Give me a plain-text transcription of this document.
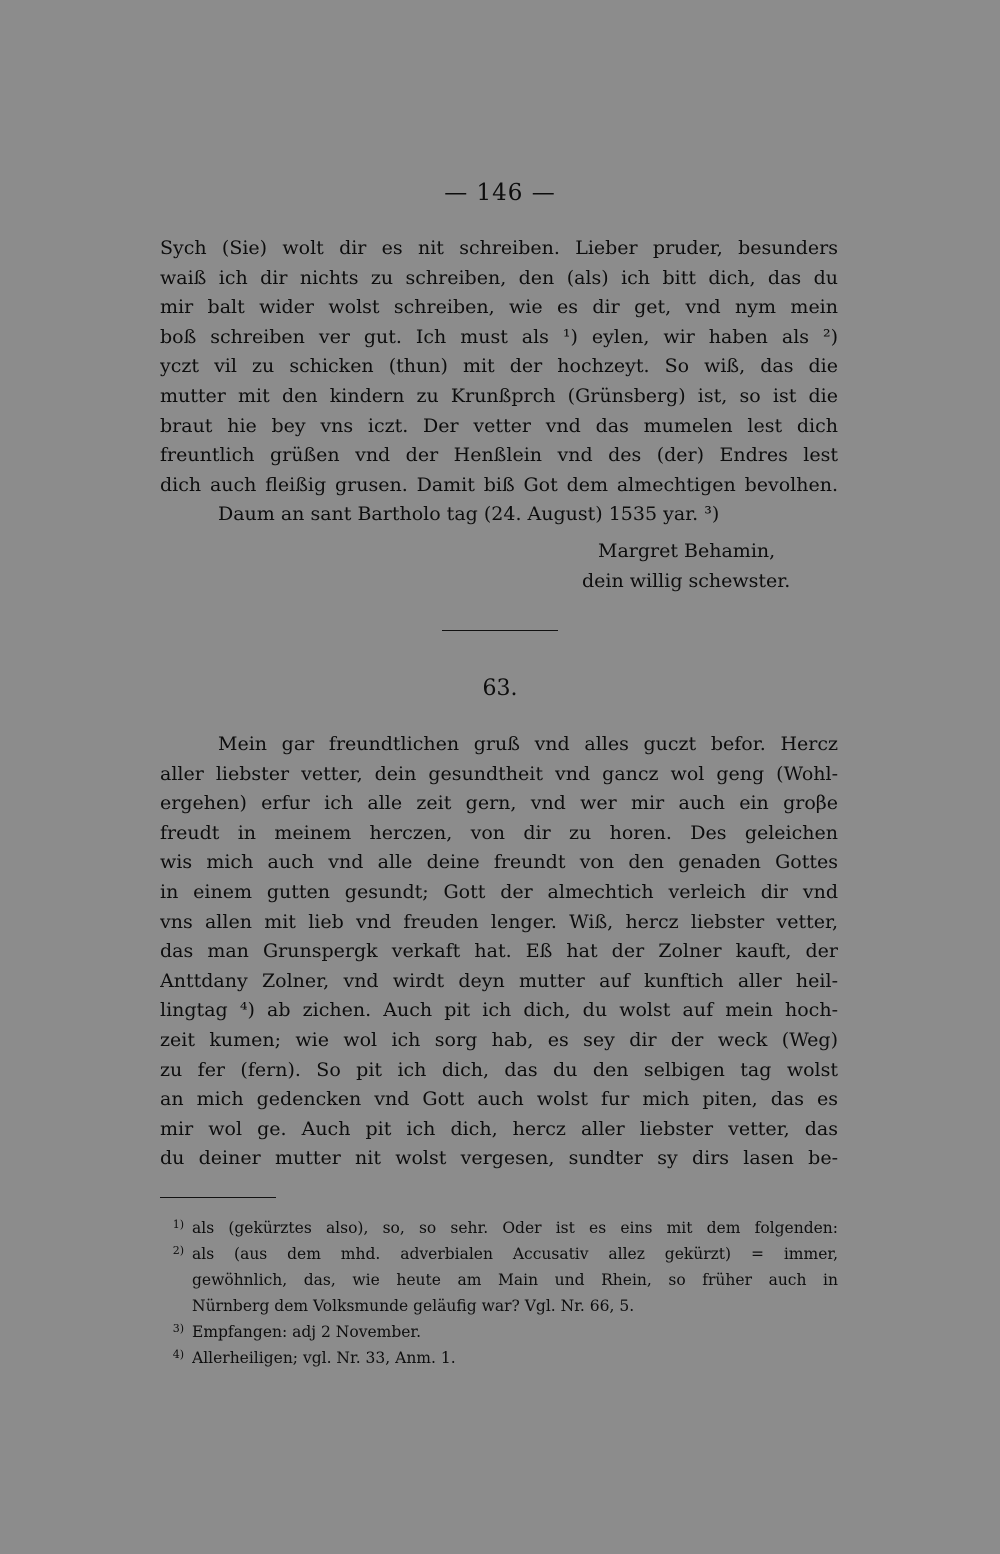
— 146 —
Sych (Sie) wolt dir es nit schreiben. Lieber pruder, besunders
waiß ich dir nichts zu schreiben, den (als) ich bitt dich, das du
mir balt wider wolst schreiben, wie es dir get, vnd nym mein
boß schreiben ver gut. Ich must als ¹) eylen, wir haben als ²)
yczt vil zu schicken (thun) mit der hochzeyt. So wiß, das die
mutter mit den kindern zu Krunßprch (Grünsberg) ist, so ist die
braut hie bey vns iczt. Der vetter vnd das mumelen lest dich
freuntlich grüßen vnd der Henßlein vnd des (der) Endres lest
dich auch fleißig grusen. Damit biß Got dem almechtigen bevolhen.
Daum an sant Bartholo tag (24. August) 1535 yar. ³)
Margret Behamin,
dein willig schewster.
63.
Mein gar freundtlichen gruß vnd alles guczt befor. Hercz
aller liebster vetter, dein gesundtheit vnd gancz wol geng (Wohl-
ergehen) erfur ich alle zeit gern, vnd wer mir auch ein groβe
freudt in meinem herczen, von dir zu horen. Des geleichen
wis mich auch vnd alle deine freundt von den genaden Gottes
in einem gutten gesundt; Gott der almechtich verleich dir vnd
vns allen mit lieb vnd freuden lenger. Wiß, hercz liebster vetter,
das man Grunspergk verkaft hat. Eß hat der Zolner kauft, der
Anttdany Zolner, vnd wirdt deyn mutter auf kunftich aller heil-
lingtag ⁴) ab zichen. Auch pit ich dich, du wolst auf mein hoch-
zeit kumen; wie wol ich sorg hab, es sey dir der weck (Weg)
zu fer (fern). So pit ich dich, das du den selbigen tag wolst
an mich gedencken vnd Gott auch wolst fur mich piten, das es
mir wol ge. Auch pit ich dich, hercz aller liebster vetter, das
du deiner mutter nit wolst vergesen, sundter sy dirs lasen be-
1) als (gekürztes also), so, so sehr. Oder ist es eins mit dem folgenden:
2) als (aus dem mhd. adverbialen Accusativ allez gekürzt) = immer,
gewöhnlich, das, wie heute am Main und Rhein, so früher auch in
Nürnberg dem Volksmunde geläufig war? Vgl. Nr. 66, 5.
3) Empfangen: adj 2 November.
4) Allerheiligen; vgl. Nr. 33, Anm. 1.
